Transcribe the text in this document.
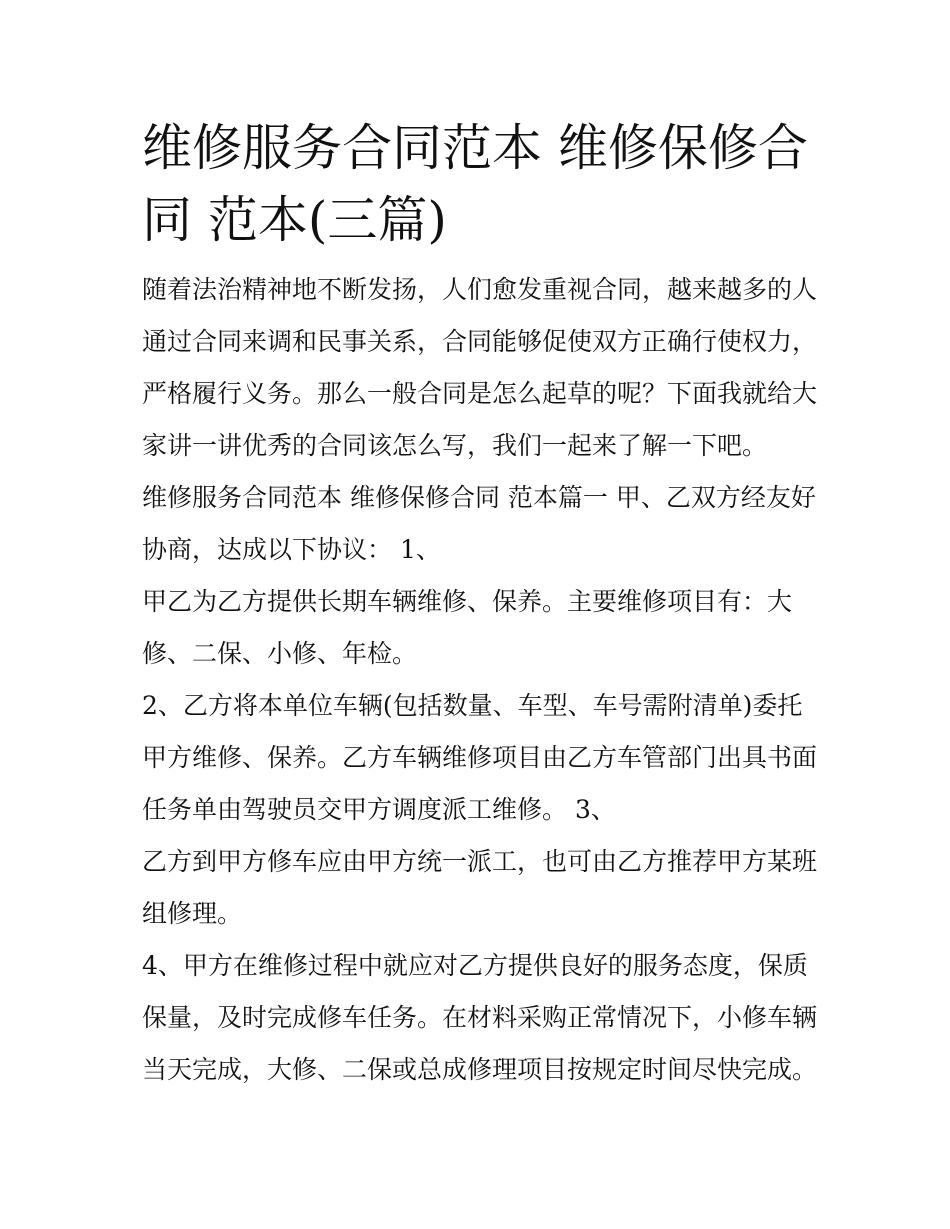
维修服务合同范本 维修保修合
同 范本(三篇)

随着法治精神地不断发扬，人们愈发重视合同，越来越多的人
通过合同来调和民事关系，合同能够促使双方正确行使权力，
严格履行义务。那么一般合同是怎么起草的呢？下面我就给大
家讲一讲优秀的合同该怎么写，我们一起来了解一下吧。

维修服务合同范本 维修保修合同 范本篇一 甲、乙双方经友好
协商，达成以下协议： 1、

甲乙为乙方提供长期车辆维修、保养。主要维修项目有：大
修、二保、小修、年检。

2、乙方将本单位车辆(包括数量、车型、车号需附清单)委托
甲方维修、保养。乙方车辆维修项目由乙方车管部门出具书面
任务单由驾驶员交甲方调度派工维修。 3、

乙方到甲方修车应由甲方统一派工，也可由乙方推荐甲方某班
组修理。

4、甲方在维修过程中就应对乙方提供良好的服务态度，保质
保量，及时完成修车任务。在材料采购正常情况下，小修车辆
当天完成，大修、二保或总成修理项目按规定时间尽快完成。
